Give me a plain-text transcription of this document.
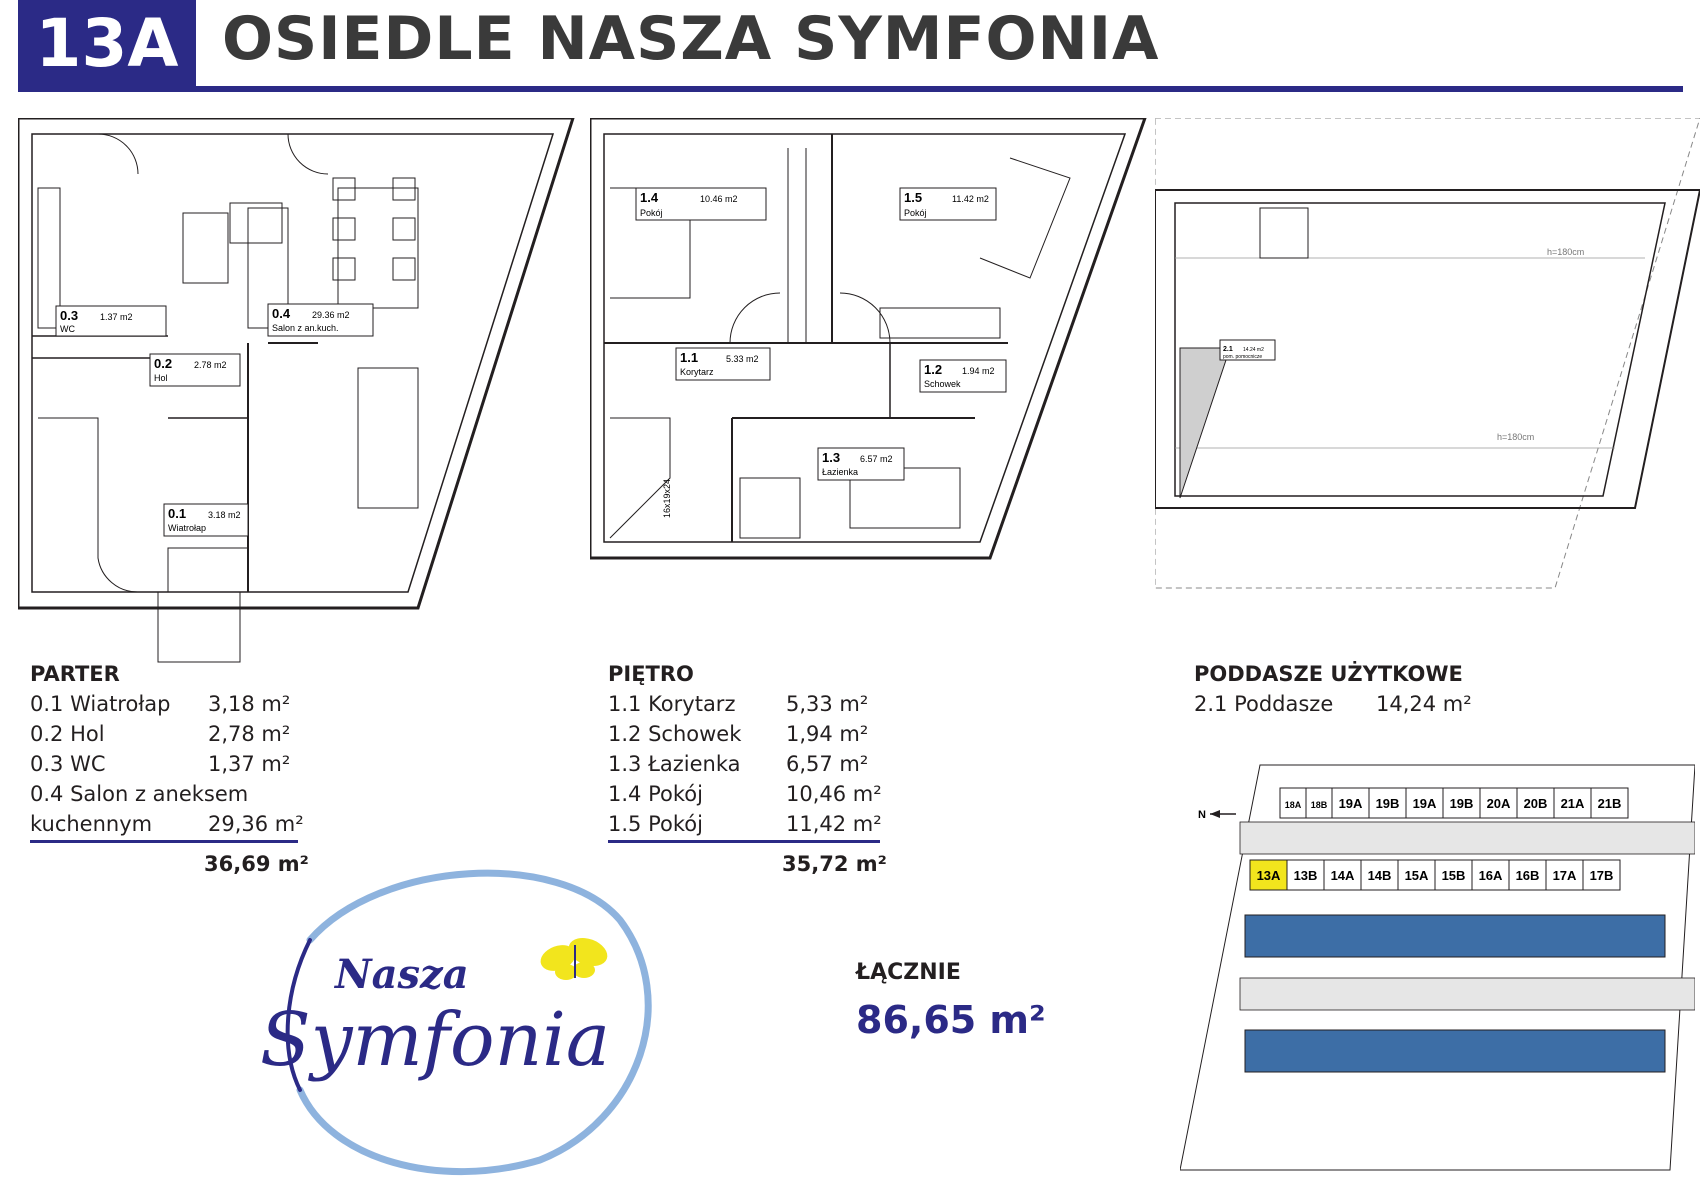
13A OSIEDLE NASZA SYMFONIA
0.3 1.37 m2
WC
0.4 29.36 m2
Salon z an.kuch.
0.2 2.78 m2
Hol
0.1 3.18 m2
Wiatrołap
1.4	10.46 m2
Pokój
1.5	11.42 m2
Pokój
1.1	5.33 m2
Korytarz	1.2 1.94 m2
Schowek
1.3 6.57 m2
Łazienka
16x19x24
h=180cm
h=180cm
2.1 14.24 m2
pom. pomocnicze
PARTER
0.1 Wiatrołap 3,18 m²
0.2 Hol	2,78 m²
0.3 WC	1,37 m²
0.4 Salon z aneksem
kuchennym	29,36 m²
36,69 m²
PIĘTRO
1.1 Korytarz 5,33 m²
1.2 Schowek 1,94 m²
1.3 Łazienka 6,57 m²
1.4 Pokój	10,46 m²
1.5 Pokój	11,42 m²
35,72 m²
PODDASZE UŻYTKOWE
2.1 Poddasze 14,24 m²
ŁĄCZNIE
86,65 m²
Nasza
Symfonia
N
18A 18B 19A 19B 19A 19B 20A 20B 21A 21B
13A 13B 14A 14B 15A 15B 16A 16B 17A 17B
